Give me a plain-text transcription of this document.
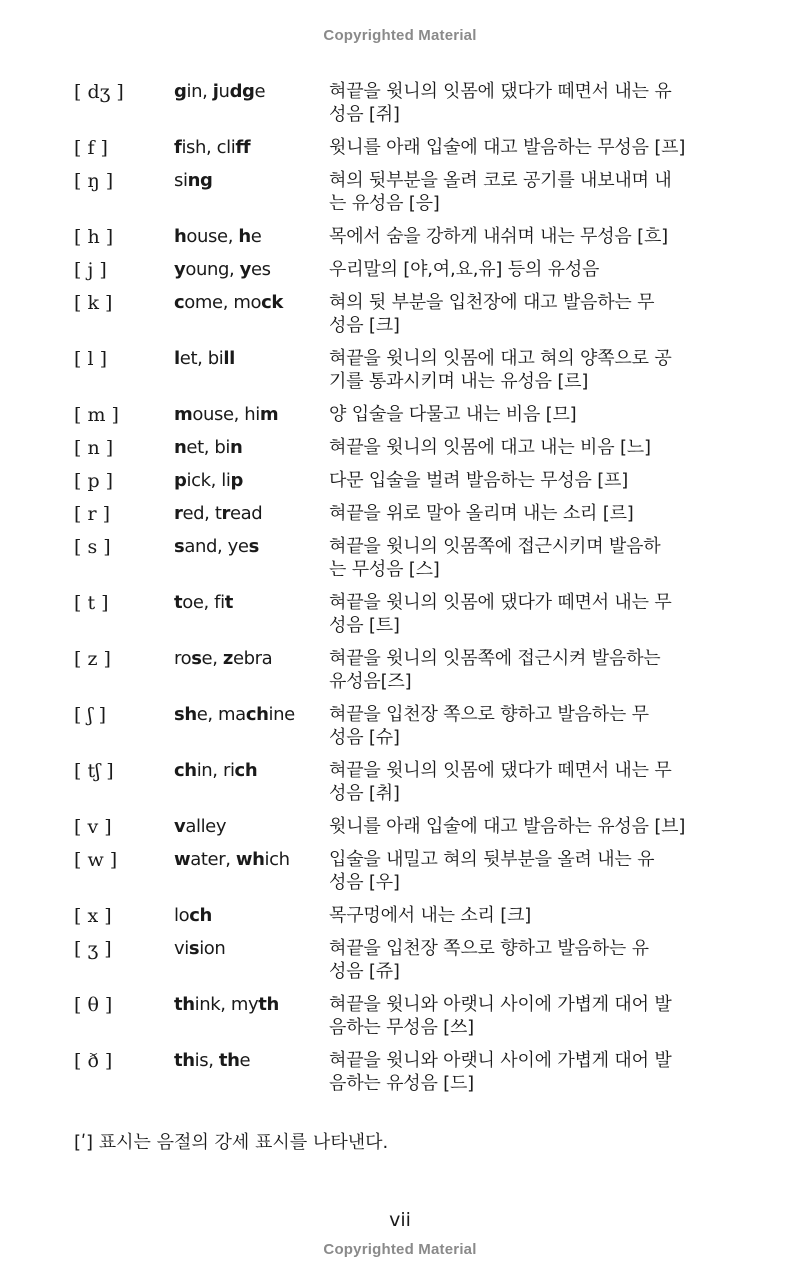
Copyrighted Material
[ dʒ ]	gin, judge	혀끝을 윗니의 잇몸에 댔다가 떼면서 내는 유
성음 [쥐]
[ f ]	fish, cliff	윗니를 아래 입술에 대고 발음하는 무성음 [프]
[ ŋ ]	sing	혀의 뒷부분을 올려 코로 공기를 내보내며 내
는 유성음 [응]
[ h ]	house, he	목에서 숨을 강하게 내쉬며 내는 무성음 [흐]
[ j ]	young, yes	우리말의 [야,여,요,유] 등의 유성음
[ k ]	come, mock	혀의 뒷 부분을 입천장에 대고 발음하는 무
성음 [크]
[ l ]	let, bill	혀끝을 윗니의 잇몸에 대고 혀의 양쪽으로 공
기를 통과시키며 내는 유성음 [르]
[ m ]	mouse, him	양 입술을 다물고 내는 비음 [므]
[ n ]	net, bin	혀끝을 윗니의 잇몸에 대고 내는 비음 [느]
[ p ]	pick, lip	다문 입술을 벌려 발음하는 무성음 [프]
[ r ]	red, tread	혀끝을 위로 말아 올리며 내는 소리 [르]
[ s ]	sand, yes	혀끝을 윗니의 잇몸쪽에 접근시키며 발음하
는 무성음 [스]
[ t ]	toe, fit	혀끝을 윗니의 잇몸에 댔다가 떼면서 내는 무
성음 [트]
[ z ]	rose, zebra	혀끝을 윗니의 잇몸쪽에 접근시켜 발음하는
유성음[즈]
[ ʃ ]	she, machine 혀끝을 입천장 쪽으로 향하고 발음하는 무
성음 [슈]
[ tʃ ]	chin, rich	혀끝을 윗니의 잇몸에 댔다가 떼면서 내는 무
성음 [취]
[ v ]	valley	윗니를 아래 입술에 대고 발음하는 유성음 [브]
[ w ]	water, which 입술을 내밀고 혀의 뒷부분을 올려 내는 유
성음 [우]
[ x ]	loch	목구멍에서 내는 소리 [크]
[ ʒ ]	vision	혀끝을 입천장 쪽으로 향하고 발음하는 유
성음 [쥬]
[ θ ]	think, myth	혀끝을 윗니와 아랫니 사이에 가볍게 대어 발
음하는 무성음 [쓰]
[ ð ]	this, the	혀끝을 윗니와 아랫니 사이에 가볍게 대어 발
음하는 유성음 [드]
[ʹ] 표시는 음절의 강세 표시를 나타낸다.
vii
Copyrighted Material
